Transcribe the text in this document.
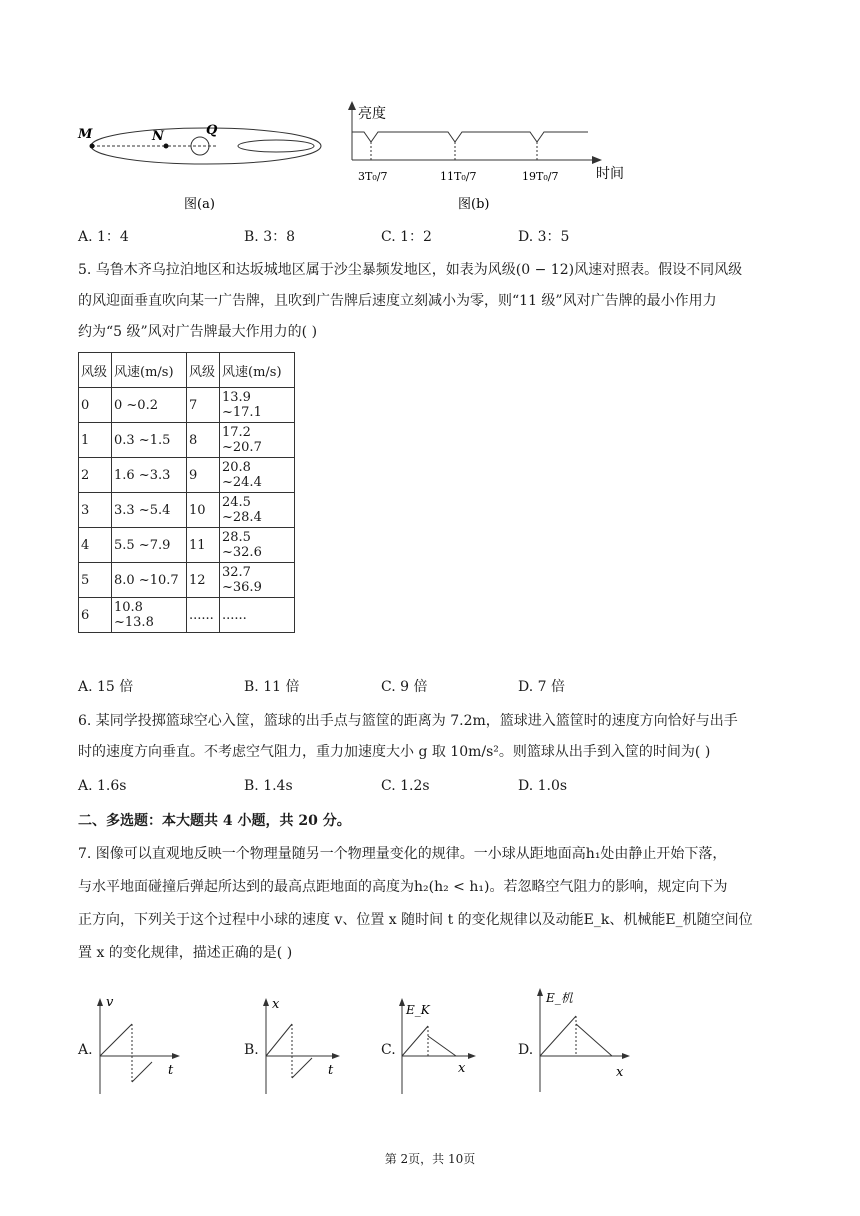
M	N	Q
图(a)
亮度
时间
3T₀/7	11T₀/7	19T₀/7
图(b)
A. 1：4	B. 3：8	C. 1：2	D. 3：5
5. 乌鲁木齐乌拉泊地区和达坂城地区属于沙尘暴频发地区，如表为风级(0 − 12)风速对照表。假设不同风级
的风迎面垂直吹向某一广告牌，且吹到广告牌后速度立刻减小为零，则“11 级”风对广告牌的最小作用力
约为“5 级”风对广告牌最大作用力的( )
风级	风速(m/s)	风级	风速(m/s)
0	0 ~0.2	7	13.9 ~17.1
1	0.3 ~1.5	8	17.2 ~20.7
2	1.6 ~3.3	9	20.8 ~24.4
3	3.3 ~5.4	10	24.5 ~28.4
4	5.5 ~7.9	11	28.5 ~32.6
5	8.0 ~10.7	12	32.7 ~36.9
6	10.8 ~13.8	......	......
A. 15 倍	B. 11 倍	C. 9 倍	D. 7 倍
6. 某同学投掷篮球空心入筐，篮球的出手点与篮筐的距离为 7.2m，篮球进入篮筐时的速度方向恰好与出手
时的速度方向垂直。不考虑空气阻力，重力加速度大小 g 取 10m/s²。则篮球从出手到入筐的时间为( )
A. 1.6s	B. 1.4s	C. 1.2s	D. 1.0s
二、多选题：本大题共 4 小题，共 20 分。
7. 图像可以直观地反映一个物理量随另一个物理量变化的规律。一小球从距地面高h₁处由静止开始下落，
与水平地面碰撞后弹起所达到的最高点距地面的高度为h₂(h₂ < h₁)。若忽略空气阻力的影响，规定向下为
正方向，下列关于这个过程中小球的速度 v、位置 x 随时间 t 的变化规律以及动能E_k、机械能E_机随空间位
置 x 的变化规律，描述正确的是( )
A.
v
t
B.
x
t
C.
E_K
x
D.
E_机
x
第 2页，共 10页
